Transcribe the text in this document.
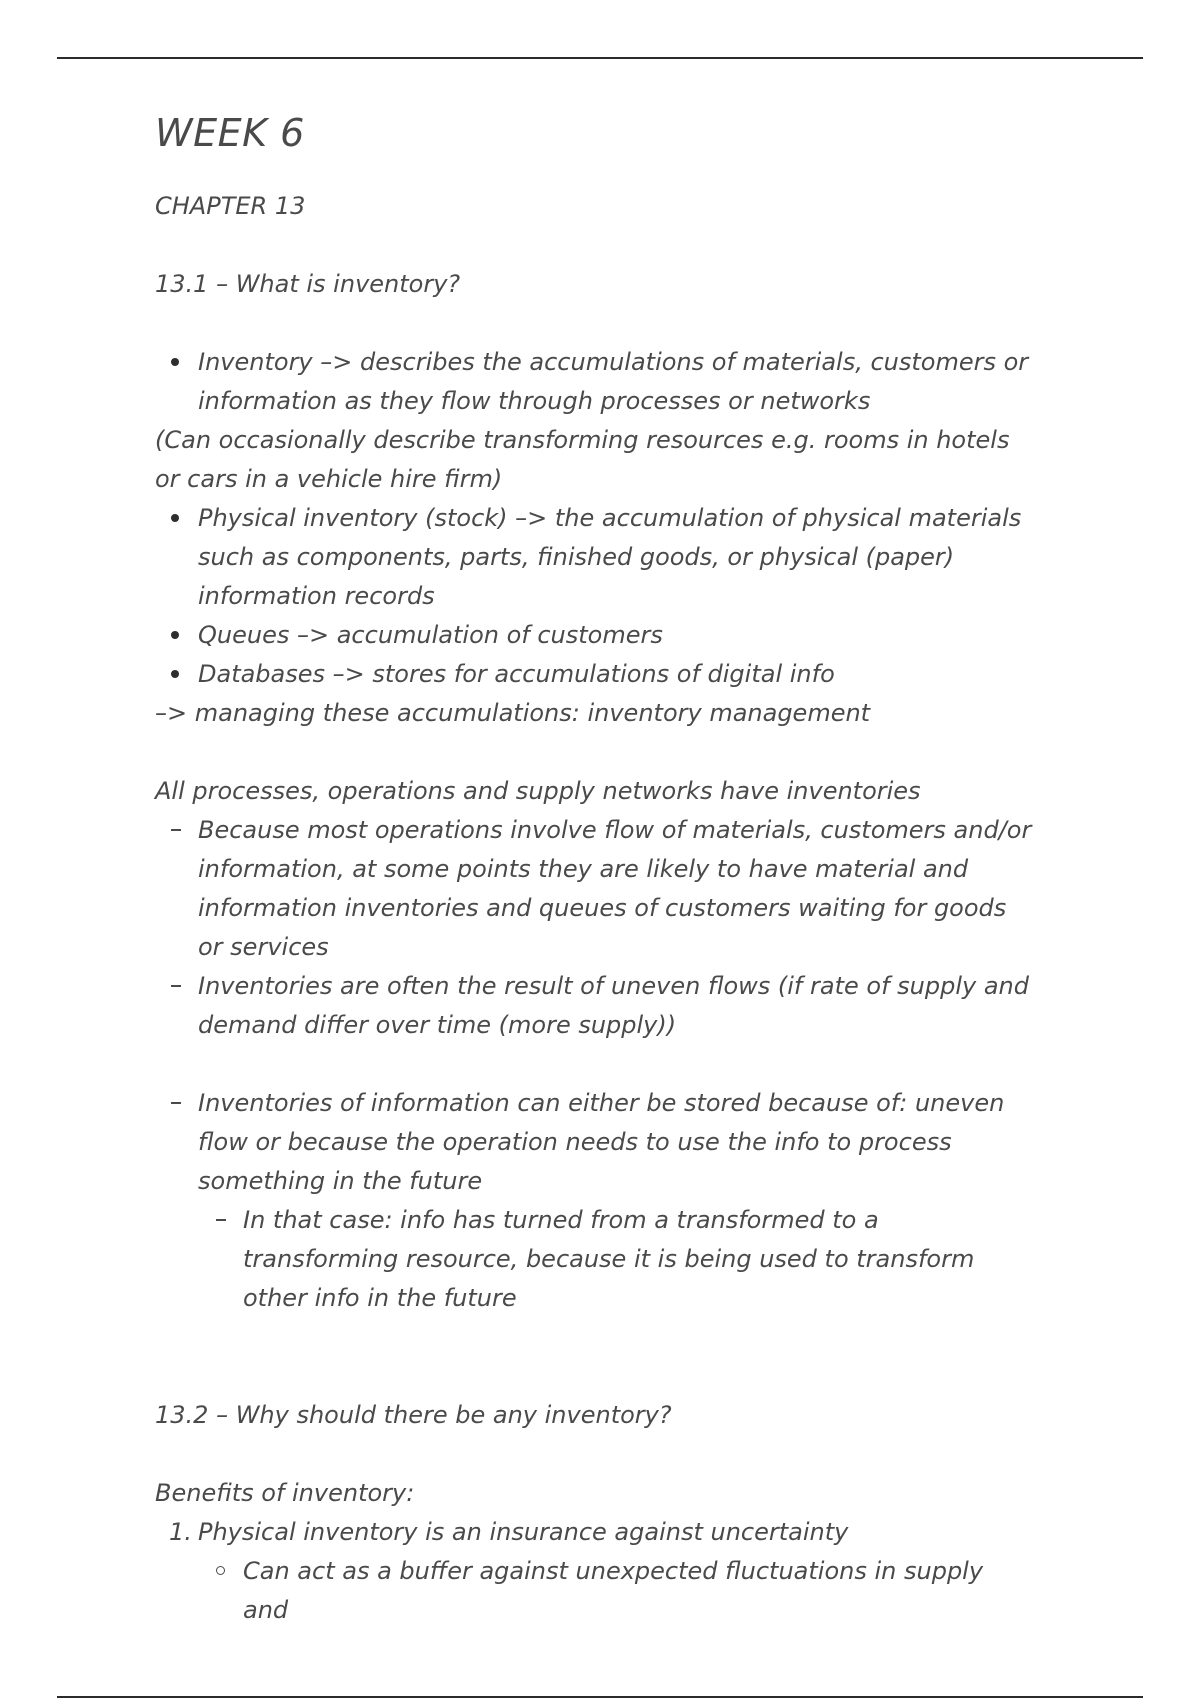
WEEK 6
CHAPTER 13
13.1 – What is inventory?
Inventory –> describes the accumulations of materials, customers or information as they flow through processes or networks
(Can occasionally describe transforming resources e.g. rooms in hotels or cars in a vehicle hire firm)
Physical inventory (stock) –> the accumulation of physical materials such as components, parts, finished goods, or physical (paper) information records
Queues –> accumulation of customers
Databases –> stores for accumulations of digital info
–> managing these accumulations: inventory management
All processes, operations and supply networks have inventories
Because most operations involve flow of materials, customers and/or information, at some points they are likely to have material and information inventories and queues of customers waiting for goods or services
Inventories are often the result of uneven flows (if rate of supply and demand differ over time (more supply))
Inventories of information can either be stored because of: uneven flow or because the operation needs to use the info to process something in the future
In that case: info has turned from a transformed to a transforming resource, because it is being used to transform other info in the future
13.2 – Why should there be any inventory?
Benefits of inventory:
1. Physical inventory is an insurance against uncertainty
Can act as a buffer against unexpected fluctuations in supply and
